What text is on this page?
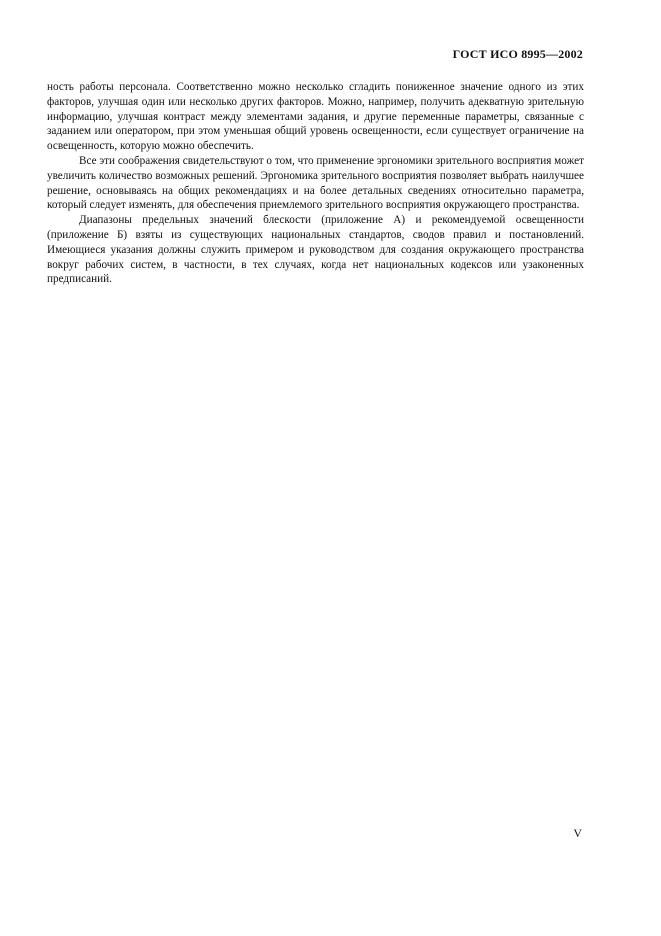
ГОСТ ИСО 8995—2002

ность работы персонала. Соответственно можно несколько сгладить пониженное значение одного из этих факторов, улучшая один или несколько других факторов. Можно, например, получить адекватную зрительную информацию, улучшая контраст между элементами задания, и другие переменные параметры, связанные с заданием или оператором, при этом уменьшая общий уровень освещенности, если существует ограничение на освещенность, которую можно обеспечить.

Все эти соображения свидетельствуют о том, что применение эргономики зрительного восприятия может увеличить количество возможных решений. Эргономика зрительного восприятия позволяет выбрать наилучшее решение, основываясь на общих рекомендациях и на более детальных сведениях относительно параметра, который следует изменять, для обеспечения приемлемого зрительного восприятия окружающего пространства.

Диапазоны предельных значений блескости (приложение А) и рекомендуемой освещенности (приложение Б) взяты из существующих национальных стандартов, сводов правил и постановлений. Имеющиеся указания должны служить примером и руководством для создания окружающего пространства вокруг рабочих систем, в частности, в тех случаях, когда нет национальных кодексов или узаконенных предписаний.

V
